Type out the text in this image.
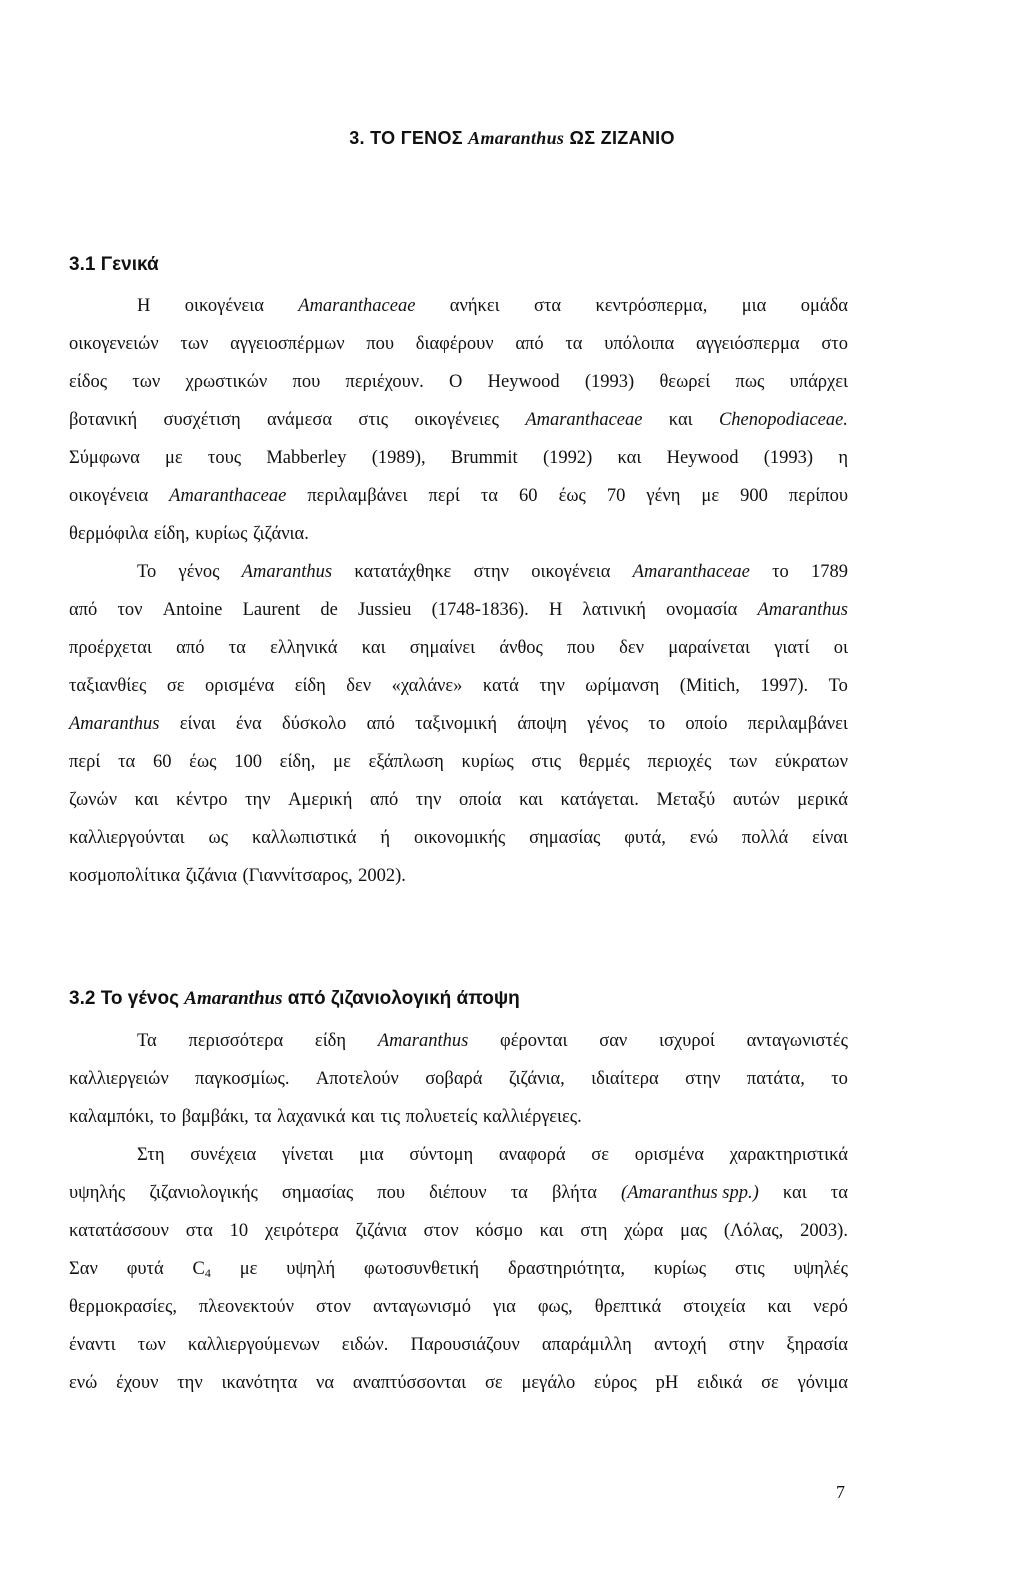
3. ΤΟ ΓΕΝΟΣ Amaranthus ΩΣ ΖΙΖΑΝΙΟ
3.1 Γενικά
Η οικογένεια Amaranthaceae ανήκει στα κεντρόσπερμα, μια ομάδα
οικογενειών των αγγειοσπέρμων που διαφέρουν από τα υπόλοιπα αγγειόσπερμα στο
είδος των χρωστικών που περιέχουν. Ο Heywood (1993) θεωρεί πως υπάρχει
βοτανική συσχέτιση ανάμεσα στις οικογένειες Amaranthaceae και Chenopodiaceae.
Σύμφωνα με τους Mabberley (1989), Brummit (1992) και Heywood (1993) η
οικογένεια Amaranthaceae περιλαμβάνει περί τα 60 έως 70 γένη με 900 περίπου
θερμόφιλα είδη, κυρίως ζιζάνια.
Το γένος Amaranthus κατατάχθηκε στην οικογένεια Amaranthaceae το 1789
από τον Antoine Laurent de Jussieu (1748-1836). Η λατινική ονομασία Amaranthus
προέρχεται από τα ελληνικά και σημαίνει άνθος που δεν μαραίνεται γιατί οι
ταξιανθίες σε ορισμένα είδη δεν «χαλάνε» κατά την ωρίμανση (Mitich, 1997). Το
Amaranthus είναι ένα δύσκολο από ταξινομική άποψη γένος το οποίο περιλαμβάνει
περί τα 60 έως 100 είδη, με εξάπλωση κυρίως στις θερμές περιοχές των εύκρατων
ζωνών και κέντρο την Αμερική από την οποία και κατάγεται. Μεταξύ αυτών μερικά
καλλιεργούνται ως καλλωπιστικά ή οικονομικής σημασίας φυτά, ενώ πολλά είναι
κοσμοπολίτικα ζιζάνια (Γιαννίτσαρος, 2002).
3.2 Το γένος Amaranthus από ζιζανιολογική άποψη
Τα περισσότερα είδη Amaranthus φέρονται σαν ισχυροί ανταγωνιστές
καλλιεργειών παγκοσμίως. Αποτελούν σοβαρά ζιζάνια, ιδιαίτερα στην πατάτα, το
καλαμπόκι, το βαμβάκι, τα λαχανικά και τις πολυετείς καλλιέργειες.
Στη συνέχεια γίνεται μια σύντομη αναφορά σε ορισμένα χαρακτηριστικά
υψηλής ζιζανιολογικής σημασίας που διέπουν τα βλήτα (Amaranthus spp.) και τα
κατατάσσουν στα 10 χειρότερα ζιζάνια στον κόσμο και στη χώρα μας (Λόλας, 2003).
Σαν φυτά $C_4$ με υψηλή φωτοσυνθετική δραστηριότητα, κυρίως στις υψηλές
θερμοκρασίες, πλεονεκτούν στον ανταγωνισμό για φως, θρεπτικά στοιχεία και νερό
έναντι των καλλιεργούμενων ειδών. Παρουσιάζουν απαράμιλλη αντοχή στην ξηρασία
ενώ έχουν την ικανότητα να αναπτύσσονται σε μεγάλο εύρος pH ειδικά σε γόνιμα
7
